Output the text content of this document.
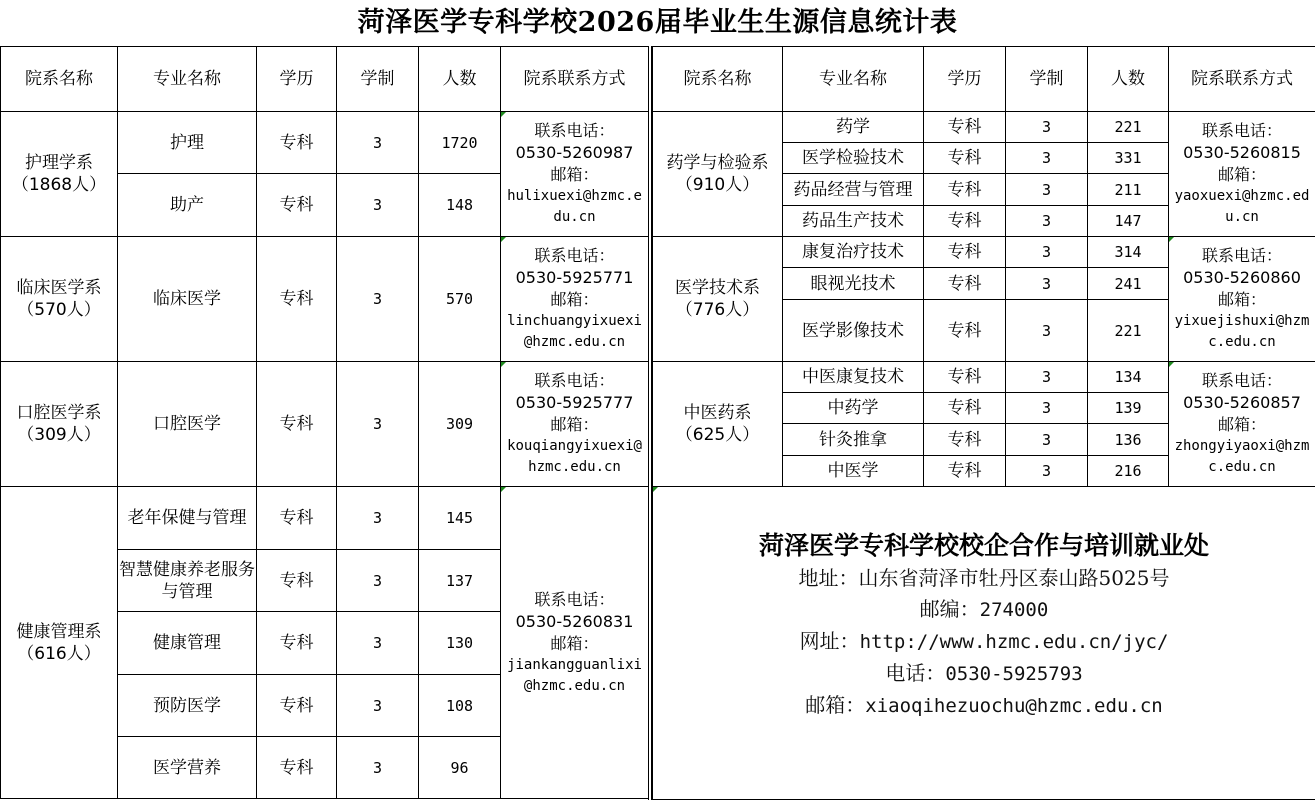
菏泽医学专科学校2026届毕业生生源信息统计表
院系名称	专业名称	学历	学制	人数	院系联系方式

护理学系
（1868人）	护理	专科	3	1720	联系电话：
0530-5260987
邮箱：
hulixuexi@hzmc.edu.cn

	助产	专科	3	148	

临床医学系
（570人）	临床医学	专科	3	570	联系电话：
0530-5925771
邮箱：
linchuangyixuexi@hzmc.edu.cn

口腔医学系
（309人）	口腔医学	专科	3	309	联系电话：
0530-5925777
邮箱：
kouqiangyixuexi@hzmc.edu.cn

健康管理系
（616人）	老年保健与管理	专科	3	145	联系电话：
0530-5260831
邮箱：
jiankangguanlixi@hzmc.edu.cn

	智慧健康养老服务与管理	专科	3	137	
	健康管理	专科	3	130	
	预防医学	专科	3	108	
	医学营养	专科	3	96	
院系名称	专业名称	学历	学制	人数	院系联系方式

药学与检验系
（910人）	药学	专科	3	221	联系电话：
0530-5260815
邮箱：
yaoxuexi@hzmc.edu.cn

	医学检验技术	专科	3	331	
	药品经营与管理	专科	3	211	
	药品生产技术	专科	3	147	

医学技术系
（776人）	康复治疗技术	专科	3	314	联系电话：
0530-5260860
邮箱：
yixuejishuxi@hzmc.edu.cn

	眼视光技术	专科	3	241	
	医学影像技术	专科	3	221	

中医药系
（625人）	中医康复技术	专科	3	134	联系电话：
0530-5260857
邮箱：
zhongyiyaoxi@hzmc.edu.cn

	中药学	专科	3	139	
	针灸推拿	专科	3	136	
	中医学	专科	3	216	

菏泽医学专科学校校企合作与培训就业处
地址：山东省菏泽市牡丹区泰山路5025号
邮编：274000
网址：http://www.hzmc.edu.cn/jyc/
电话：0530-5925793
邮箱：xiaoqihezuochu@hzmc.edu.cn
